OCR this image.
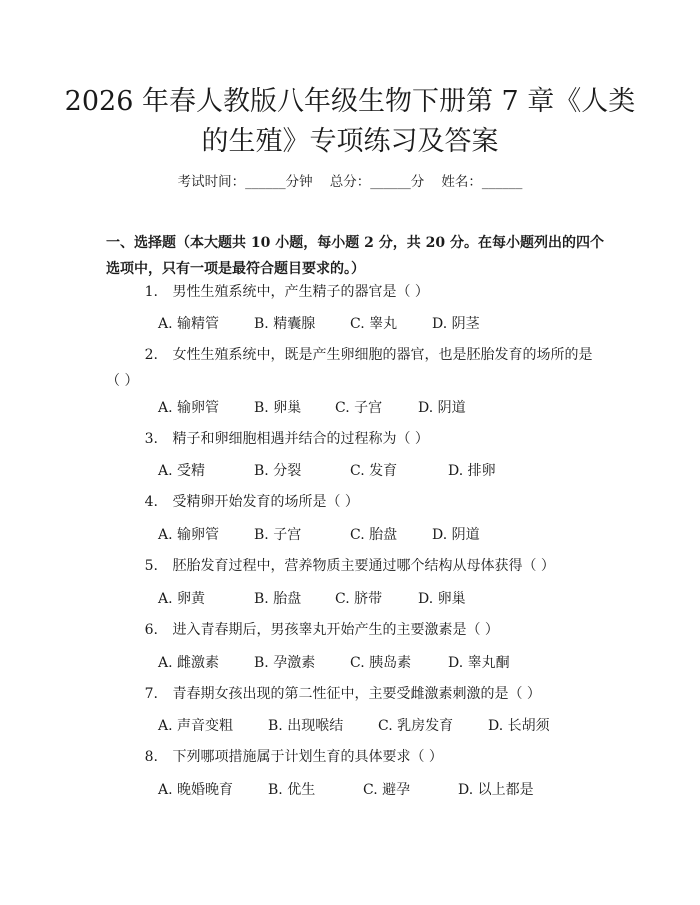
2026 年春人教版八年级生物下册第 7 章《人类的生殖》专项练习及答案
考试时间：______分钟    总分：______分    姓名：______
一、选择题（本大题共 10 小题，每小题 2 分，共 20 分。在每小题列出的四个选项中，只有一项是最符合题目要求的。）
1. 男性生殖系统中，产生精子的器官是（ ）
A. 输精管 B. 精囊腺 C. 睾丸 D. 阴茎
2. 女性生殖系统中，既是产生卵细胞的器官，也是胚胎发育的场所的是（ ）
A. 输卵管 B. 卵巢 C. 子宫	D. 阴道
3. 精子和卵细胞相遇并结合的过程称为（ ）
A. 受精	B. 分裂	C. 发育	D. 排卵
4. 受精卵开始发育的场所是（ ）
A. 输卵管 B. 子宫	C. 胎盘 D. 阴道
5. 胚胎发育过程中，营养物质主要通过哪个结构从母体获得（ ）
A. 卵黄	B. 胎盘 C. 脐带	D. 卵巢
6. 进入青春期后，男孩睾丸开始产生的主要激素是（ ）
A. 雌激素 B. 孕激素 C. 胰岛素	D. 睾丸酮
7. 青春期女孩出现的第二性征中，主要受雌激素刺激的是（ ）
A. 声音变粗 B. 出现喉结 C. 乳房发育 D. 长胡须
8. 下列哪项措施属于计划生育的具体要求（ ）
A. 晚婚晚育 B. 优生	C. 避孕	D. 以上都是
